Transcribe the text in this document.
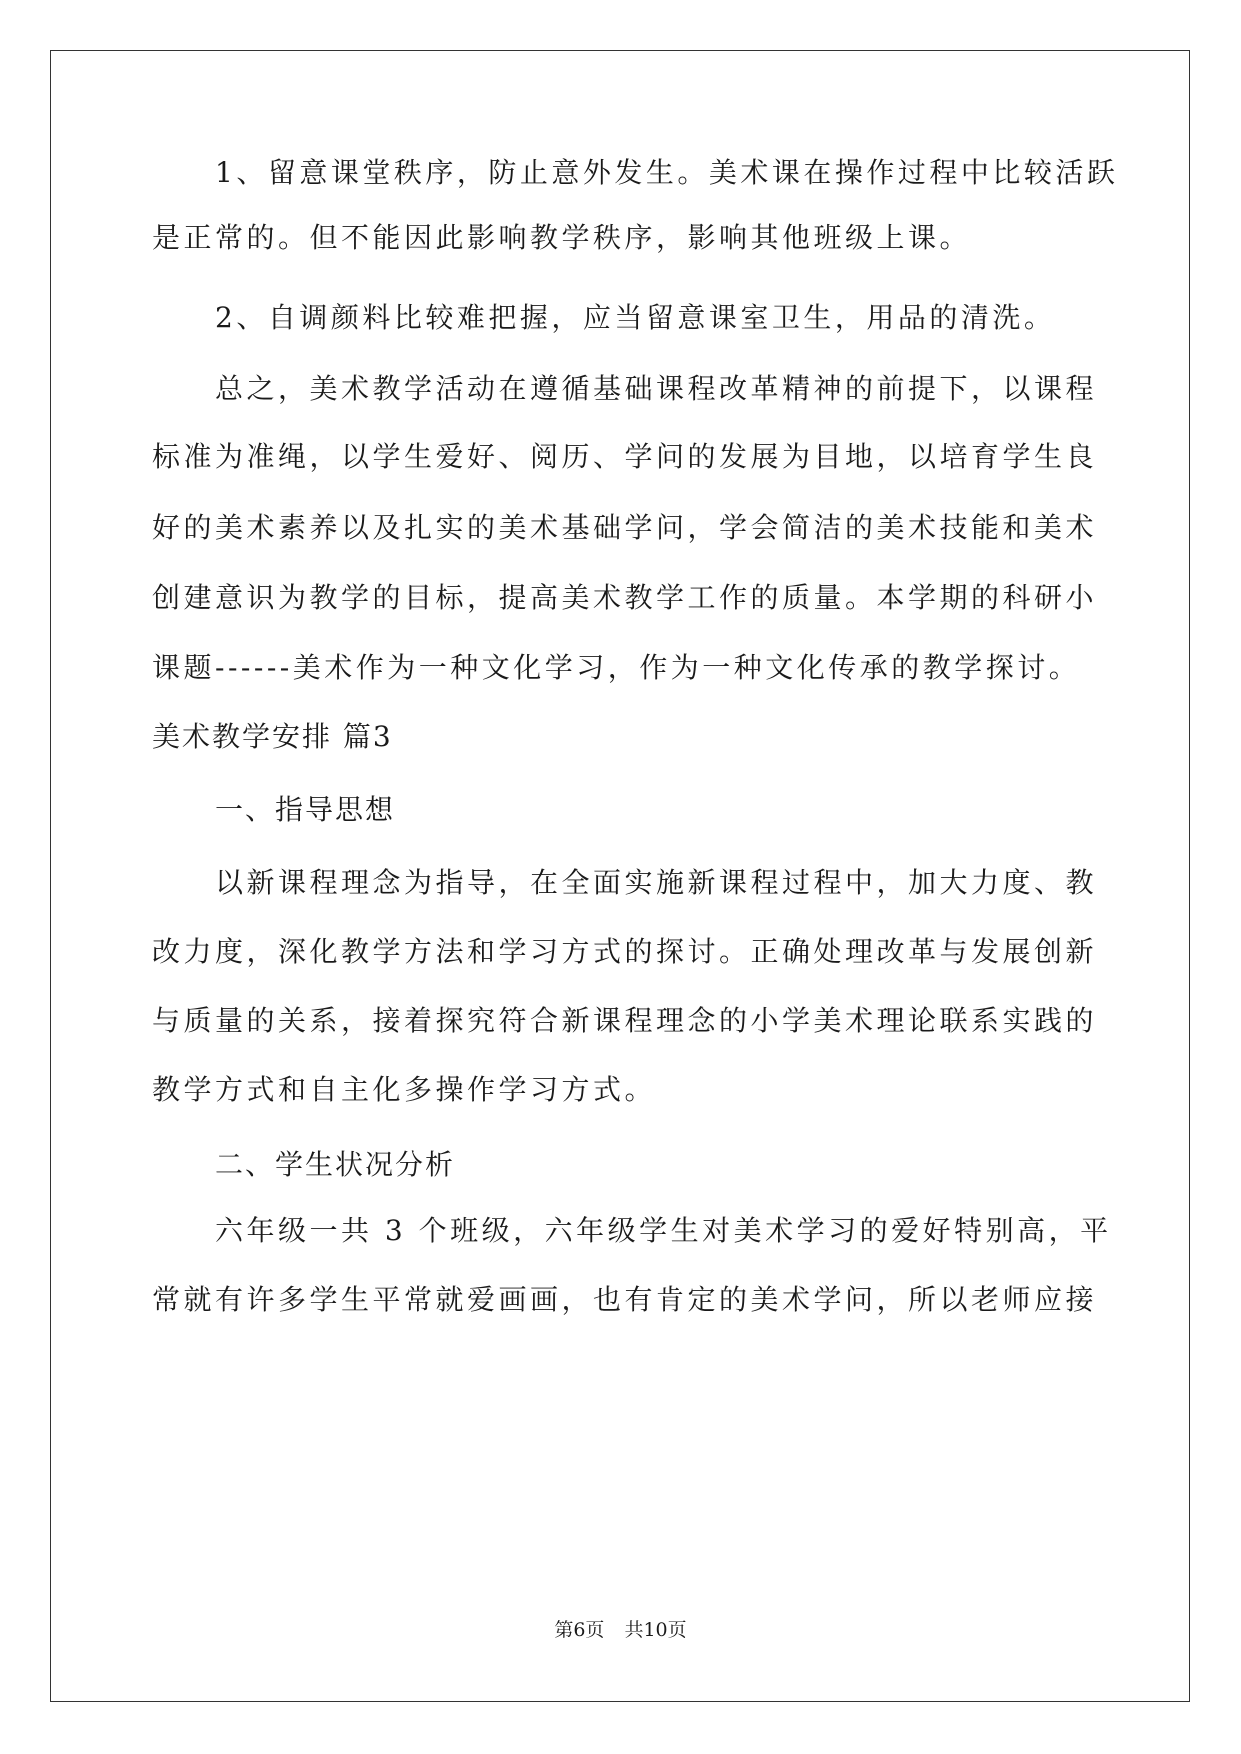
1、留意课堂秩序，防止意外发生。美术课在操作过程中比较活跃
是正常的。但不能因此影响教学秩序，影响其他班级上课。
2、自调颜料比较难把握，应当留意课室卫生，用品的清洗。
总之，美术教学活动在遵循基础课程改革精神的前提下，以课程
标准为准绳，以学生爱好、阅历、学问的发展为目地，以培育学生良
好的美术素养以及扎实的美术基础学问，学会简洁的美术技能和美术
创建意识为教学的目标，提高美术教学工作的质量。本学期的科研小
课题------美术作为一种文化学习，作为一种文化传承的教学探讨。
美术教学安排 篇3
一、指导思想
以新课程理念为指导，在全面实施新课程过程中，加大力度、教
改力度，深化教学方法和学习方式的探讨。正确处理改革与发展创新
与质量的关系，接着探究符合新课程理念的小学美术理论联系实践的
教学方式和自主化多操作学习方式。
二、学生状况分析
六年级一共 3 个班级，六年级学生对美术学习的爱好特别高，平
常就有许多学生平常就爱画画，也有肯定的美术学问，所以老师应接
第6页 共10页
